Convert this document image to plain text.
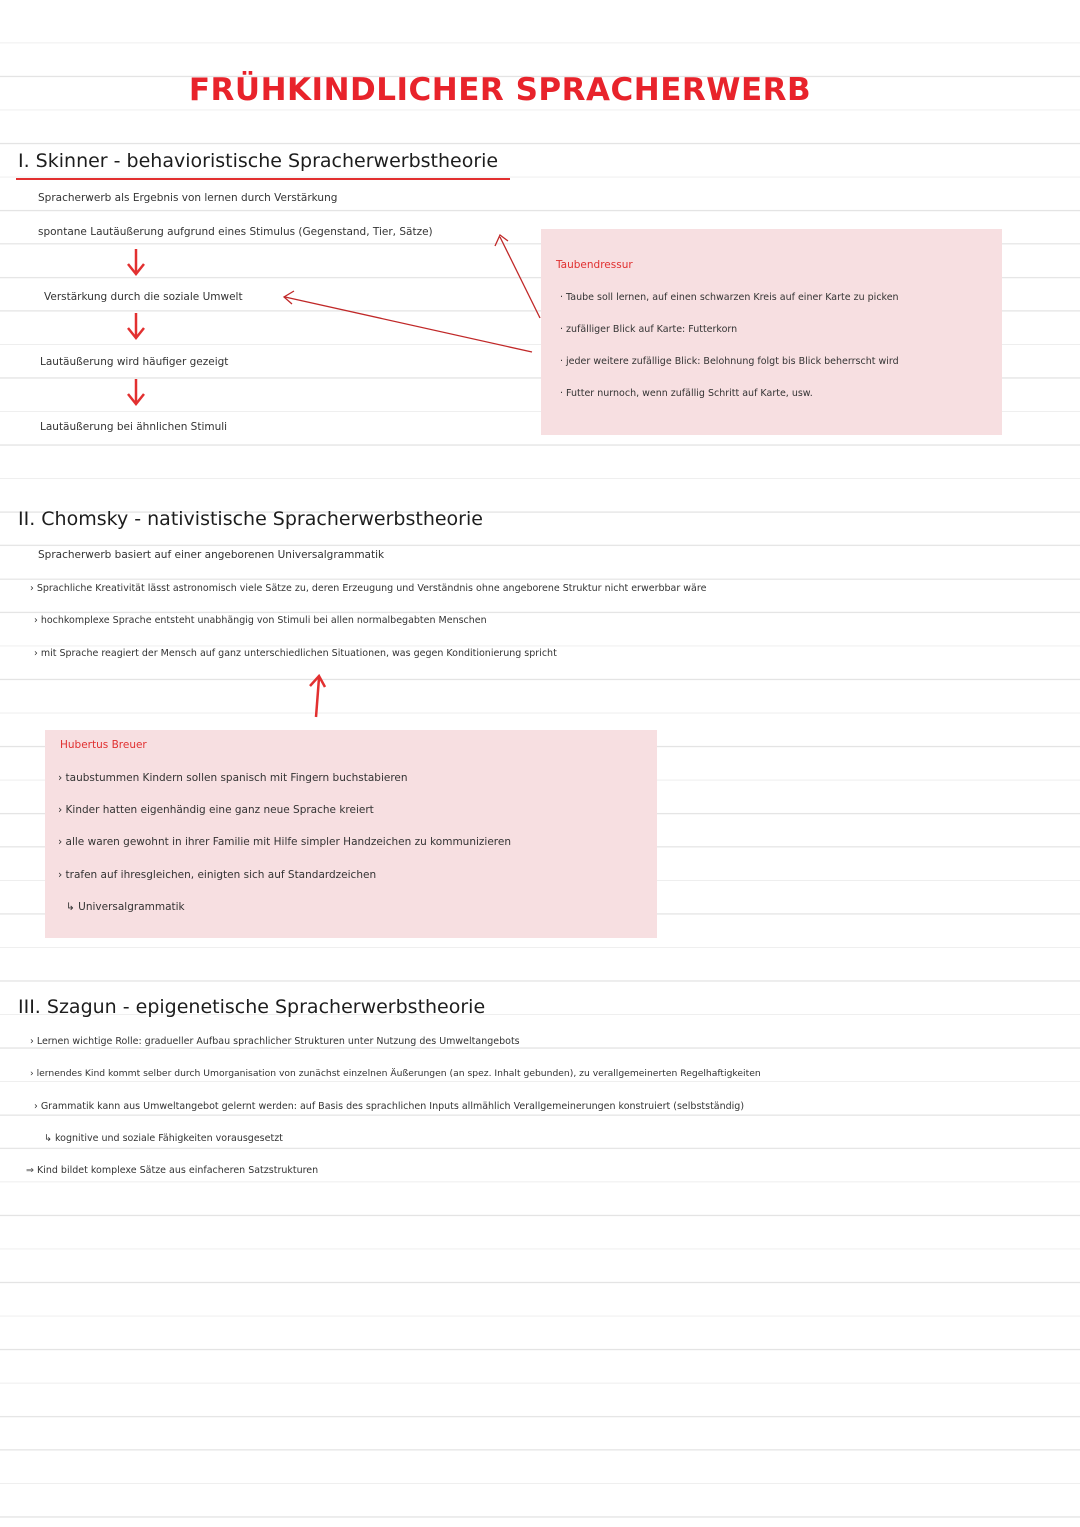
FRÜHKINDLICHER SPRACHERWERB
I. Skinner - behavioristische Spracherwerbstheorie
Spracherwerb als Ergebnis von lernen durch Verstärkung
spontane Lautäußerung aufgrund eines Stimulus (Gegenstand, Tier, Sätze)
Verstärkung durch die soziale Umwelt
Lautäußerung wird häufiger gezeigt
Lautäußerung bei ähnlichen Stimuli
Taubendressur
· Taube soll lernen, auf einen schwarzen Kreis auf einer Karte zu picken
· zufälliger Blick auf Karte: Futterkorn
· jeder weitere zufällige Blick: Belohnung folgt bis Blick beherrscht wird
· Futter nurnoch, wenn zufällig Schritt auf Karte, usw.
II. Chomsky - nativistische Spracherwerbstheorie
Spracherwerb basiert auf einer angeborenen Universalgrammatik
› Sprachliche Kreativität lässt astronomisch viele Sätze zu, deren Erzeugung und Verständnis ohne angeborene Struktur nicht erwerbbar wäre
› hochkomplexe Sprache entsteht unabhängig von Stimuli bei allen normalbegabten Menschen
› mit Sprache reagiert der Mensch auf ganz unterschiedlichen Situationen, was gegen Konditionierung spricht
Hubertus Breuer
› taubstummen Kindern sollen spanisch mit Fingern buchstabieren
› Kinder hatten eigenhändig eine ganz neue Sprache kreiert
› alle waren gewohnt in ihrer Familie mit Hilfe simpler Handzeichen zu kommunizieren
› trafen auf ihresgleichen, einigten sich auf Standardzeichen
↳ Universalgrammatik
III. Szagun - epigenetische Spracherwerbstheorie
› Lernen wichtige Rolle: gradueller Aufbau sprachlicher Strukturen unter Nutzung des Umweltangebots
› lernendes Kind kommt selber durch Umorganisation von zunächst einzelnen Äußerungen (an spez. Inhalt gebunden), zu verallgemeinerten Regelhaftigkeiten
› Grammatik kann aus Umweltangebot gelernt werden: auf Basis des sprachlichen Inputs allmählich Verallgemeinerungen konstruiert (selbstständig)
↳ kognitive und soziale Fähigkeiten vorausgesetzt
⇒ Kind bildet komplexe Sätze aus einfacheren Satzstrukturen
